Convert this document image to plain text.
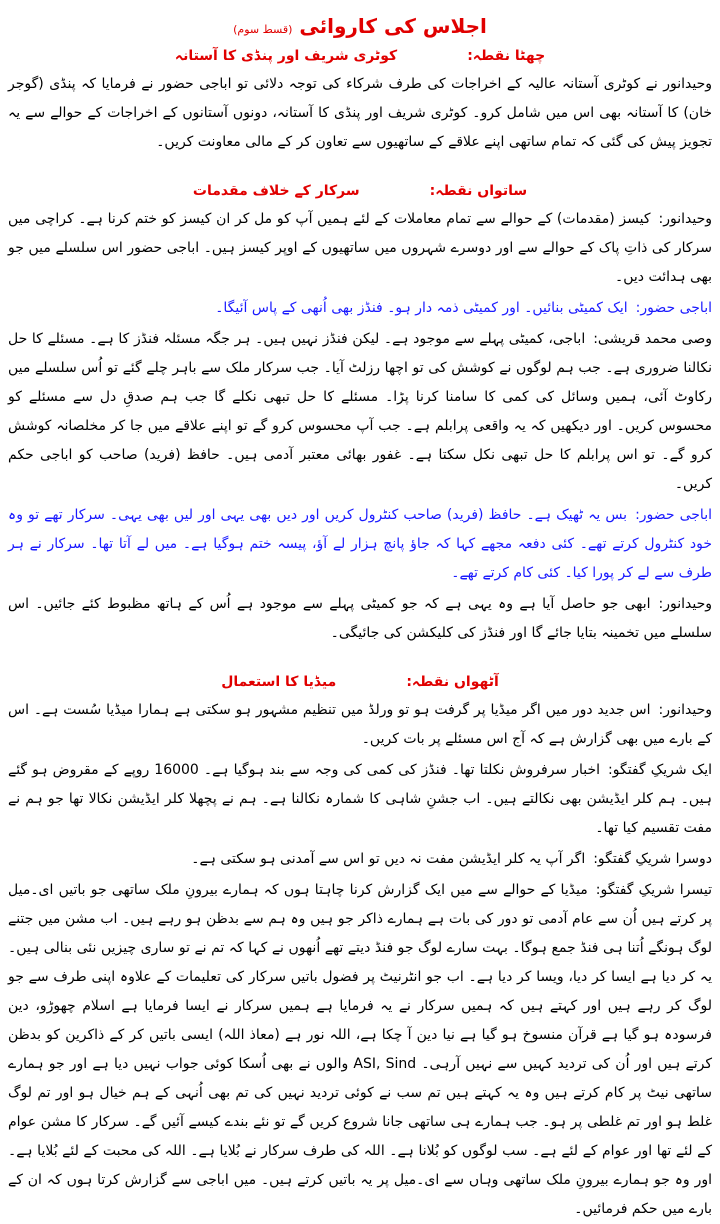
اجلاس کی کاروائی (قسط سوم)
چھٹا نقطہ:
کوٹری شریف اور پنڈی کا آستانہ

وحیدانور نے کوٹری آستانہ عالیہ کے اخراجات کی طرف شرکاء کی توجہ دلائی تو اباجی حضور نے فرمایا کہ پنڈی (گوجر خان) کا آستانہ بھی اس میں شامل کرو۔ کوٹری شریف اور پنڈی کا آستانہ، دونوں آستانوں کے اخراجات کے حوالے سے یہ تجویز پیش کی گئی کہ تمام ساتھی اپنے علاقے کے ساتھیوں سے تعاون کر کے مالی معاونت کریں۔

ساتواں نقطہ:
سرکار کے خلاف مقدمات

وحیدانور:کیسز (مقدمات) کے حوالے سے تمام معاملات کے لئے ہمیں آپ کو مل کر ان کیسز کو ختم کرنا ہے۔ کراچی میں سرکار کی ذاتِ پاک کے حوالے سے اور دوسرے شہروں میں ساتھیوں کے اوپر کیسز ہیں۔ اباجی حضور اس سلسلے میں جو بھی ہدائت دیں۔

اباجی حضور:ایک کمیٹی بنائیں۔ اور کمیٹی ذمہ دار ہو۔ فنڈز بھی اُنھی کے پاس آئیگا۔

وصی محمد قریشی:اباجی، کمیٹی پہلے سے موجود ہے۔ لیکن فنڈز نہیں ہیں۔ ہر جگہ مسئلہ فنڈز کا ہے۔ مسئلے کا حل نکالنا ضروری ہے۔ جب ہم لوگوں نے کوشش کی تو اچھا رزلٹ آیا۔ جب سرکار ملک سے باہر چلے گئے تو اُس سلسلے میں رکاوٹ آئی، ہمیں وسائل کی کمی کا سامنا کرنا پڑا۔ مسئلے کا حل تبھی نکلے گا جب ہم صدقِ دل سے مسئلے کو محسوس کریں۔ اور دیکھیں کہ یہ واقعی پرابلم ہے۔ جب آپ محسوس کرو گے تو اپنے علاقے میں جا کر مخلصانہ کوشش کرو گے۔ تو اس پرابلم کا حل تبھی نکل سکتا ہے۔ غفور بھائی معتبر آدمی ہیں۔ حافظ (فرید) صاحب کو اباجی حکم کریں۔

اباجی حضور:بس یہ ٹھیک ہے۔ حافظ (فرید) صاحب کنٹرول کریں اور دیں بھی یہی اور لیں بھی یہی۔ سرکار تھے تو وہ خود کنٹرول کرتے تھے۔ کئی دفعہ مجھے کہا کہ جاؤ پانچ ہزار لے آؤ، پیسہ ختم ہوگیا ہے۔ میں لے آتا تھا۔ سرکار نے ہر طرف سے لے کر پورا کیا۔ کئی کام کرتے تھے۔

وحیدانور:ابھی جو حاصل آیا ہے وہ یہی ہے کہ جو کمیٹی پہلے سے موجود ہے اُس کے ہاتھ مظبوط کئے جائیں۔ اس سلسلے میں تخمینہ بتایا جائے گا اور فنڈز کی کلیکشن کی جائیگی۔

آٹھواں نقطہ:
میڈیا کا استعمال

وحیدانور:اس جدید دور میں اگر میڈیا پر گرفت ہو تو ورلڈ میں تنظیم مشہور ہو سکتی ہے ہمارا میڈیا سُست ہے۔ اس کے بارے میں بھی گزارش ہے کہ آج اس مسئلے پر بات کریں۔

ایک شریکِ گفتگو:اخبار سرفروش نکلتا تھا۔ فنڈز کی کمی کی وجہ سے بند ہوگیا ہے۔ 16000 روپے کے مقروض ہو گئے ہیں۔ ہم کلر ایڈیشن بھی نکالتے ہیں۔ اب جشنِ شاہی کا شمارہ نکالنا ہے۔ ہم نے پچھلا کلر ایڈیشن نکالا تھا جو ہم نے مفت تقسیم کیا تھا۔

دوسرا شریکِ گفتگو:اگر آپ یہ کلر ایڈیشن مفت نہ دیں تو اس سے آمدنی ہو سکتی ہے۔

تیسرا شریکِ گفتگو:میڈیا کے حوالے سے میں ایک گزارش کرنا چاہتا ہوں کہ ہمارے بیرونِ ملک ساتھی جو باتیں ای۔میل پر کرتے ہیں اُن سے عام آدمی تو دور کی بات ہے ہمارے ذاکر جو ہیں وہ ہم سے بدظن ہو رہے ہیں۔ اب مشن میں جتنے لوگ ہونگے اُتنا ہی فنڈ جمع ہوگا۔ بہت سارے لوگ جو فنڈ دیتے تھے اُنھوں نے کہا کہ تم نے تو ساری چیزیں نئی بنالی ہیں۔ یہ کر دیا ہے ایسا کر دیا، ویسا کر دیا ہے۔ اب جو انٹرنیٹ پر فضول باتیں سرکار کی تعلیمات کے علاوہ اپنی طرف سے جو لوگ کر رہے ہیں اور کہتے ہیں کہ ہمیں سرکار نے یہ فرمایا ہے ہمیں سرکار نے ایسا فرمایا ہے اسلام چھوڑو، دین فرسودہ ہو گیا ہے قرآن منسوخ ہو گیا ہے نیا دین آ چکا ہے، اللہ نور ہے (معاذ اللہ) ایسی باتیں کر کے ذاکرین کو بدظن کرتے ہیں اور اُن کی تردید کہیں سے نہیں آرہی۔ ASI, Sind والوں نے بھی اُسکا کوئی جواب نہیں دیا ہے اور جو ہمارے ساتھی نیٹ پر کام کرتے ہیں وہ یہ کہتے ہیں تم سب نے کوئی تردید نہیں کی تم بھی اُنہی کے ہم خیال ہو اور تم لوگ غلط ہو اور تم غلطی پر ہو۔ جب ہمارے ہی ساتھی جانا شروع کریں گے تو نئے بندے کیسے آئیں گے۔ سرکار کا مشن عوام کے لئے تھا اور عوام کے لئے ہے۔ سب لوگوں کو بُلانا ہے۔ اللہ کی طرف سرکار نے بُلایا ہے۔ اللہ کی محبت کے لئے بُلایا ہے۔ اور وہ جو ہمارے بیرونِ ملک ساتھی وہاں سے ای۔میل پر یہ باتیں کرتے ہیں۔ میں اباجی سے گزارش کرتا ہوں کہ ان کے بارے میں حکم فرمائیں۔
